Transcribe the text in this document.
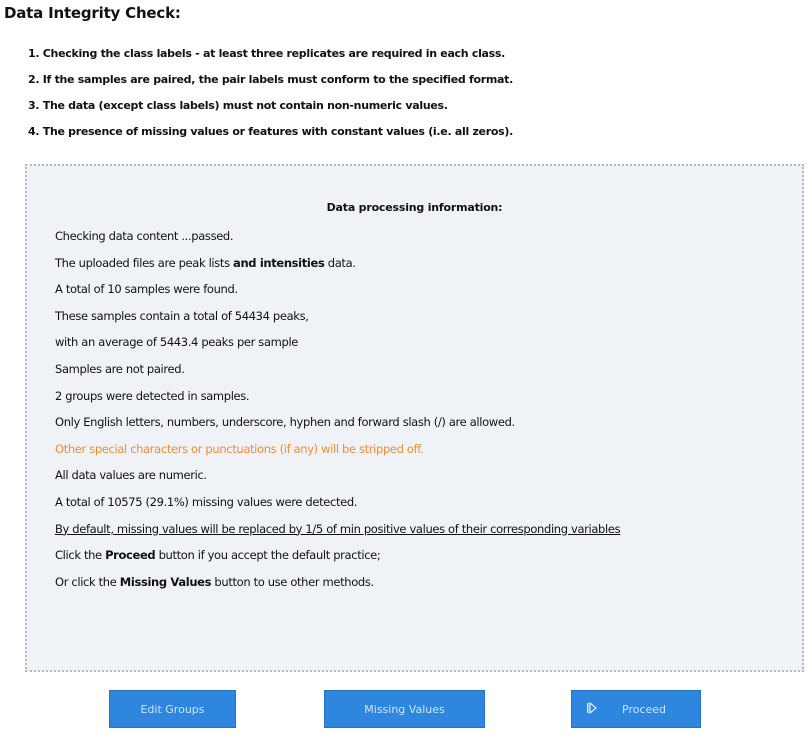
Data Integrity Check:
1. Checking the class labels - at least three replicates are required in each class.
2. If the samples are paired, the pair labels must conform to the specified format.
3. The data (except class labels) must not contain non-numeric values.
4. The presence of missing values or features with constant values (i.e. all zeros).
Data processing information:
Checking data content ...passed.
The uploaded files are peak lists and intensities data.
A total of 10 samples were found.
These samples contain a total of 54434 peaks,
with an average of 5443.4 peaks per sample
Samples are not paired.
2 groups were detected in samples.
Only English letters, numbers, underscore, hyphen and forward slash (/) are allowed.
Other special characters or punctuations (if any) will be stripped off.
All data values are numeric.
A total of 10575 (29.1%) missing values were detected.
By default, missing values will be replaced by 1/5 of min positive values of their corresponding variables
Click the Proceed button if you accept the default practice;
Or click the Missing Values button to use other methods.
Edit Groups	Missing Values	Proceed
